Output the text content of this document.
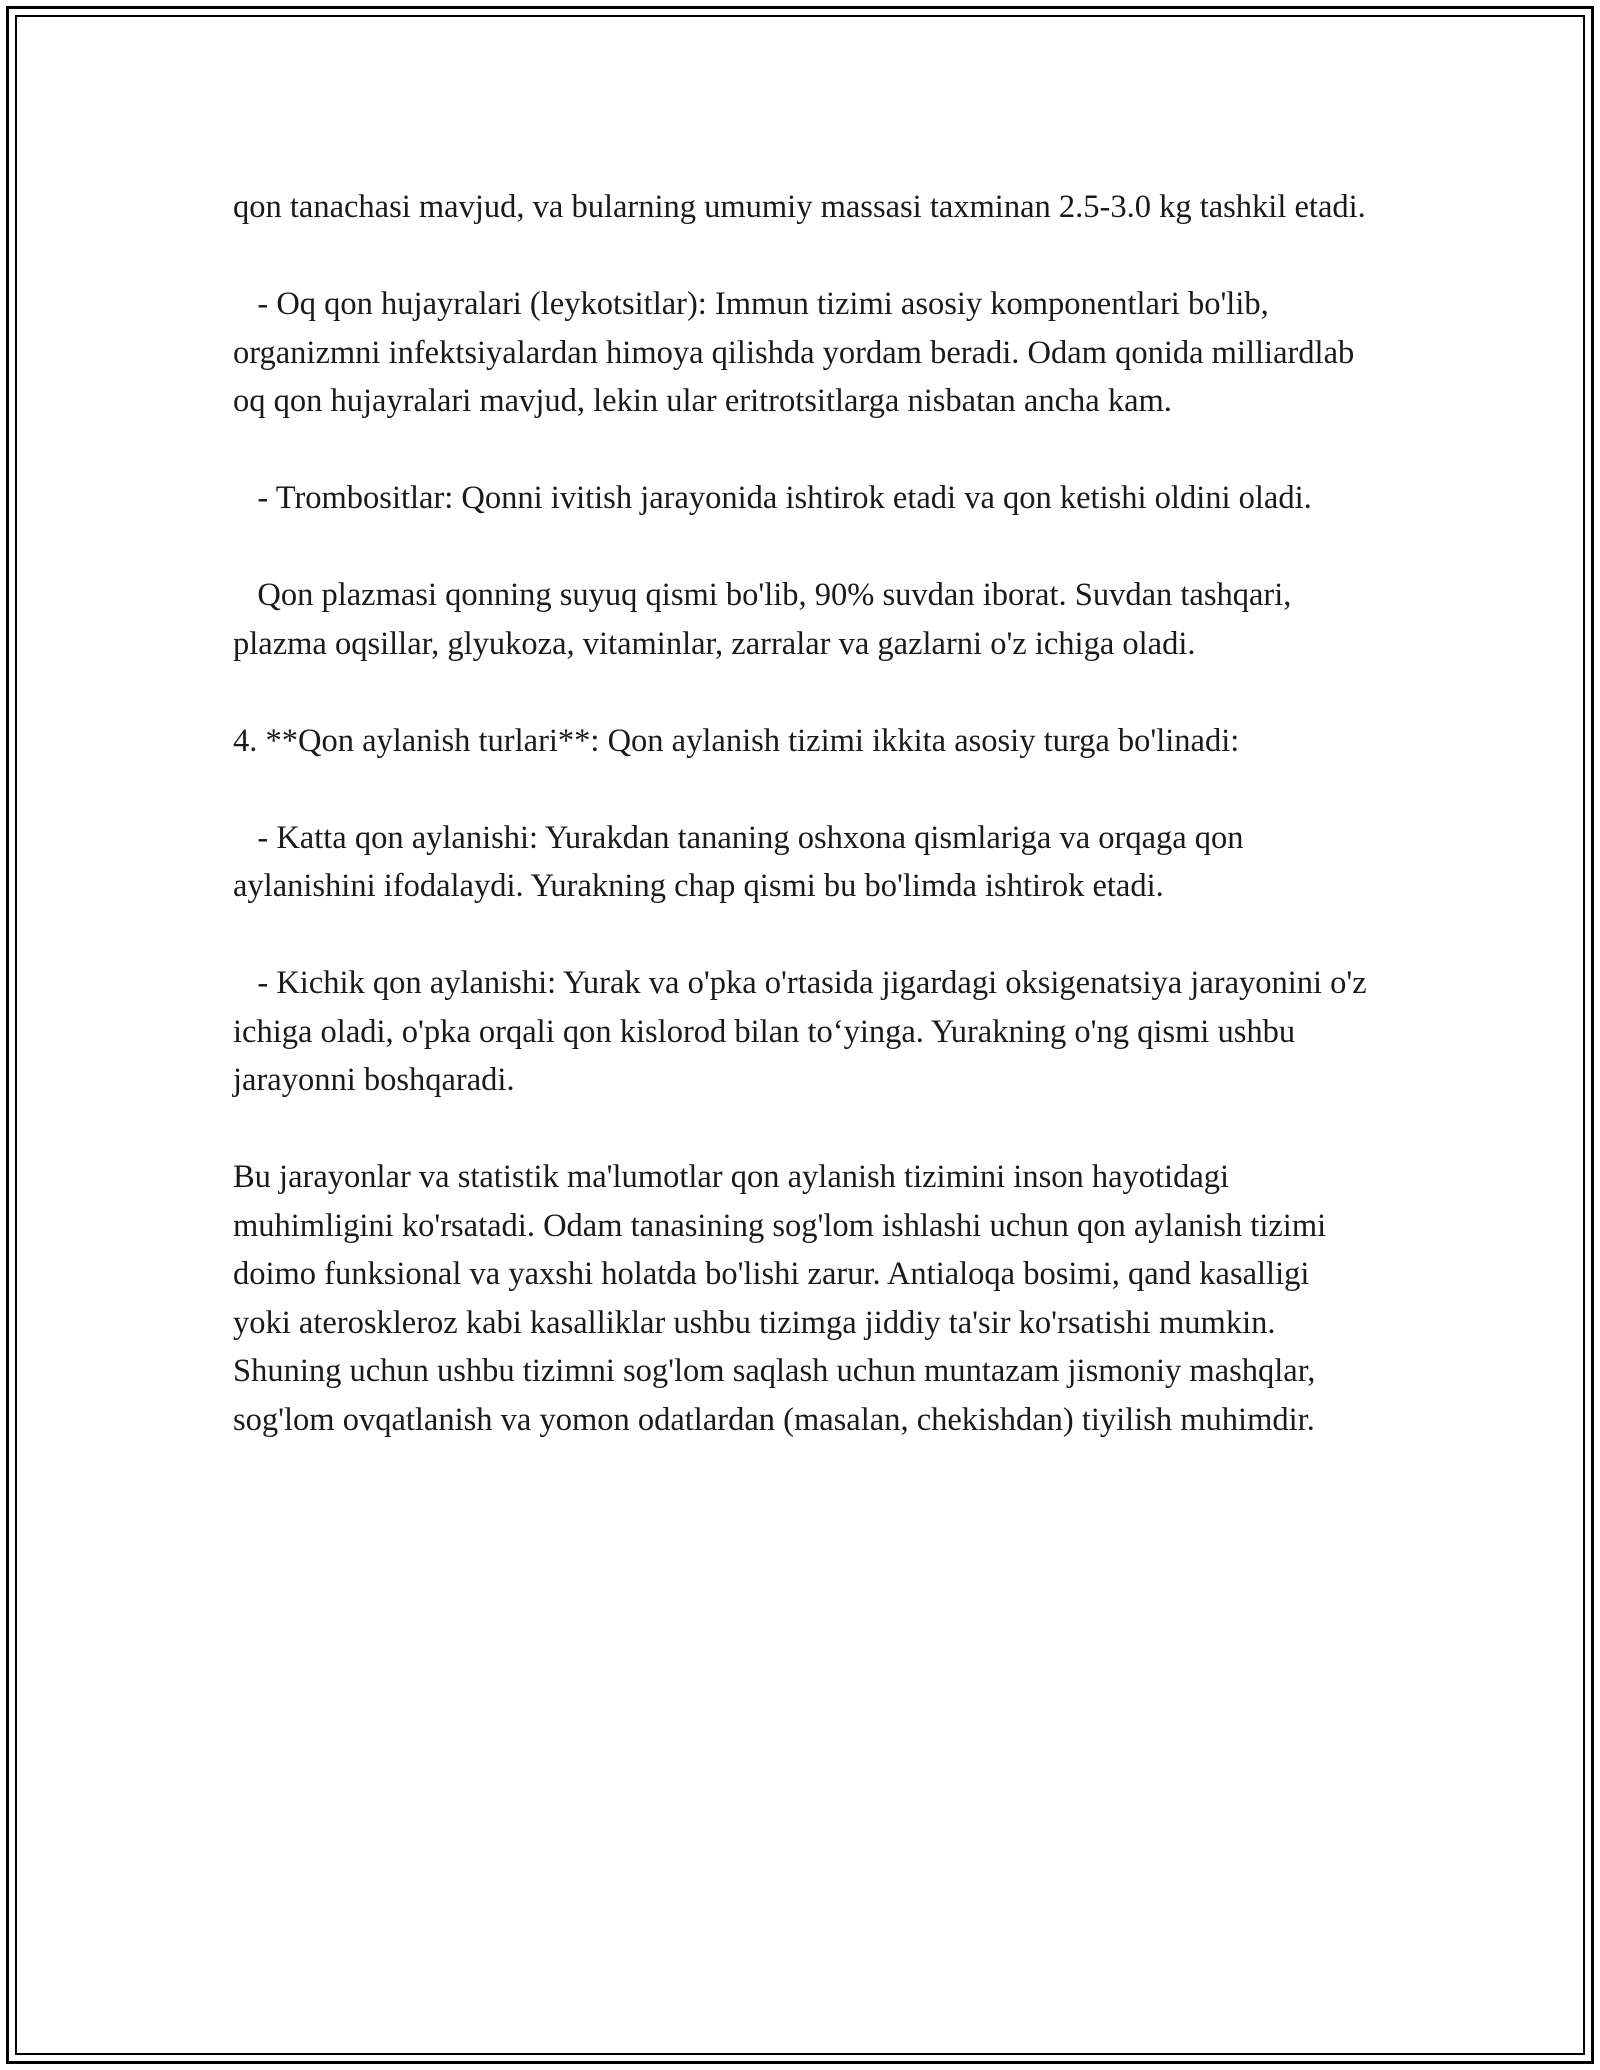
qon tanachasi mavjud, va bularning umumiy massasi taxminan 2.5-3.0 kg tashkil etadi.

- Oq qon hujayralari (leykotsitlar): Immun tizimi asosiy komponentlari bo'lib, organizmni infektsiyalardan himoya qilishda yordam beradi. Odam qonida milliardlab oq qon hujayralari mavjud, lekin ular eritrotsitlarga nisbatan ancha kam.

- Trombositlar: Qonni ivitish jarayonida ishtirok etadi va qon ketishi oldini oladi.

Qon plazmasi qonning suyuq qismi bo'lib, 90% suvdan iborat. Suvdan tashqari, plazma oqsillar, glyukoza, vitaminlar, zarralar va gazlarni o'z ichiga oladi.

4. **Qon aylanish turlari**: Qon aylanish tizimi ikkita asosiy turga bo'linadi:

- Katta qon aylanishi: Yurakdan tananing oshxona qismlariga va orqaga qon aylanishini ifodalaydi. Yurakning chap qismi bu bo'limda ishtirok etadi.

- Kichik qon aylanishi: Yurak va o'pka o'rtasida jigardagi oksigenatsiya jarayonini o'z ichiga oladi, o'pka orqali qon kislorod bilan to‘yinga. Yurakning o'ng qismi ushbu jarayonni boshqaradi.

Bu jarayonlar va statistik ma'lumotlar qon aylanish tizimini inson hayotidagi muhimligini ko'rsatadi. Odam tanasining sog'lom ishlashi uchun qon aylanish tizimi doimo funksional va yaxshi holatda bo'lishi zarur. Antialoqa bosimi, qand kasalligi yoki ateroskleroz kabi kasalliklar ushbu tizimga jiddiy ta'sir ko'rsatishi mumkin. Shuning uchun ushbu tizimni sog'lom saqlash uchun muntazam jismoniy mashqlar, sog'lom ovqatlanish va yomon odatlardan (masalan, chekishdan) tiyilish muhimdir.
